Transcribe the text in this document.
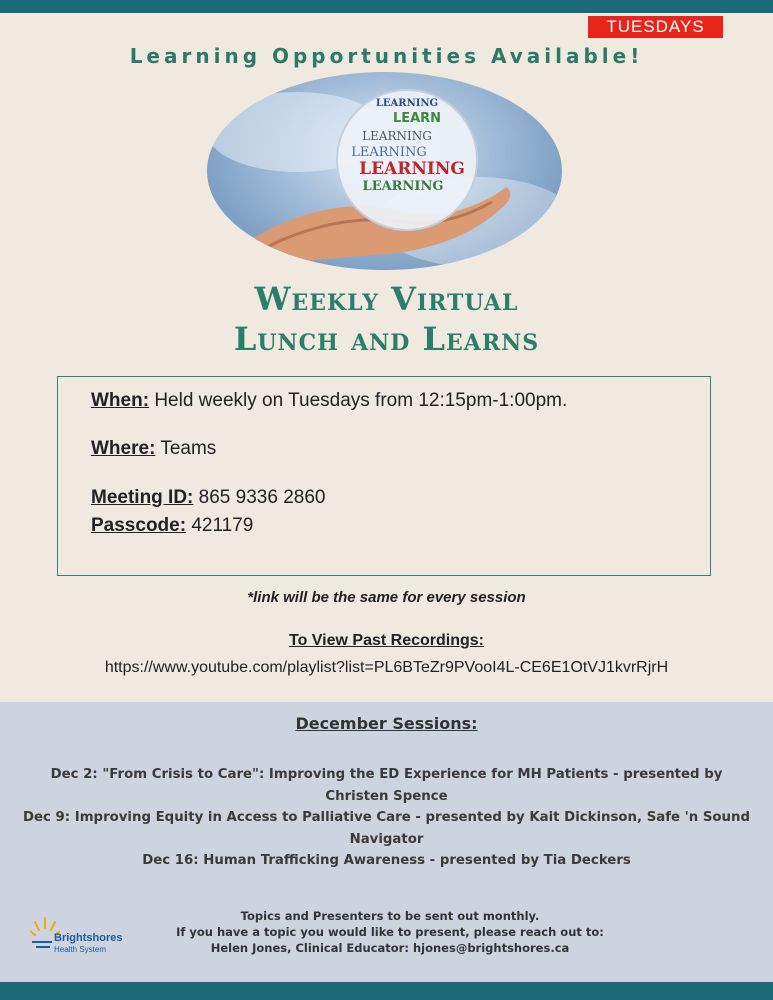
TUESDAYS
Learning Opportunities Available!
LEARNING
LEARN
LEARNING
LEARNING
LEARNING
LEARNING
Weekly Virtual
Lunch and Learns
When: Held weekly on Tuesdays from 12:15pm-1:00pm.
Where: Teams
Meeting ID: 865 9336 2860
Passcode: 421179
*link will be the same for every session
To View Past Recordings:
https://www.youtube.com/playlist?list=PL6BTeZr9PVooI4L-CE6E1OtVJ1kvrRjrH
December Sessions:
Dec 2: "From Crisis to Care": Improving the ED Experience for MH Patients - presented by Christen Spence
Dec 9: Improving Equity in Access to Palliative Care - presented by Kait Dickinson, Safe 'n Sound Navigator
Dec 16: Human Trafficking Awareness - presented by Tia Deckers
Brightshores
Health System
Topics and Presenters to be sent out monthly.
If you have a topic you would like to present, please reach out to:
Helen Jones, Clinical Educator: hjones@brightshores.ca
